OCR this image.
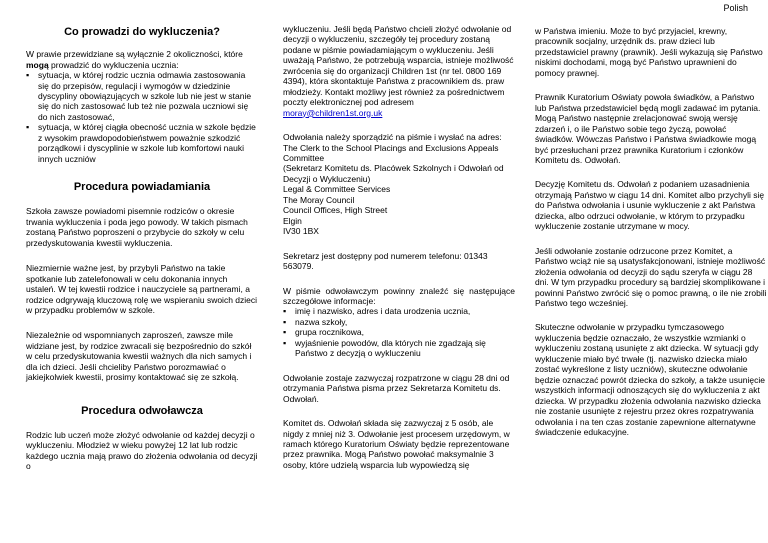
Polish
Co prowadzi do wykluczenia?

W prawie przewidziane są wyłącznie 2 okoliczności, które mogą prowadzić do wykluczenia ucznia:

▪ sytuacja, w której rodzic ucznia odmawia zastosowania się do przepisów, regulacji i wymogów w dziedzinie dyscypliny obowiązujących w szkole lub nie jest w stanie się do nich zastosować lub też nie pozwala uczniowi się do nich zastosować,
▪ sytuacja, w której ciągła obecność ucznia w szkole będzie z wysokim prawdopodobieństwem poważnie szkodzić porządkowi i dyscyplinie w szkole lub komfortowi nauki innych uczniów
Procedura powiadamiania

Szkoła zawsze powiadomi pisemnie rodziców o okresie trwania wykluczenia i poda jego powody. W takich pismach zostaną Państwo poproszeni o przybycie do szkoły w celu przedyskutowania kwestii wykluczenia.

Niezmiernie ważne jest, by przybyli Państwo na takie spotkanie lub zatelefonowali w celu dokonania innych ustaleń. W tej kwestii rodzice i nauczyciele są partnerami, a rodzice odgrywają kluczową rolę we wspieraniu swoich dzieci w przypadku problemów w szkole.

Niezależnie od wspomnianych zaproszeń, zawsze mile widziane jest, by rodzice zwracali się bezpośrednio do szkół w celu przedyskutowania kwestii ważnych dla nich samych i dla ich dzieci. Jeśli chcieliby Państwo porozmawiać o jakiejkolwiek kwestii, prosimy kontaktować się ze szkołą.

Procedura odwoławcza

Rodzic lub uczeń może złożyć odwołanie od każdej decyzji o wykluczeniu. Młodzież w wieku powyżej 12 lat lub rodzic każdego ucznia mają prawo do złożenia odwołania od decyzji o

wykluczeniu. Jeśli będą Państwo chcieli złożyć odwołanie od decyzji o wykluczeniu, szczegóły tej procedury zostaną podane w piśmie powiadamiającym o wykluczeniu. Jeśli uważają Państwo, że potrzebują wsparcia, istnieje możliwość zwrócenia się do organizacji Children 1st (nr tel. 0800 169 4394), która skontaktuje Państwa z pracownikiem ds. praw młodzieży. Kontakt możliwy jest również za pośrednictwem poczty elektronicznej pod adresem moray@children1st.org.uk

Odwołania należy sporządzić na piśmie i wysłać na adres:

The Clerk to the School Placings and Exclusions Appeals Committee

(Sekretarz Komitetu ds. Placówek Szkolnych i Odwołań od Decyzji o Wykluczeniu)

Legal & Committee Services

The Moray Council

Council Offices, High Street

Elgin

IV30 1BX

Sekretarz jest dostępny pod numerem telefonu: 01343 563079.

W piśmie odwoławczym powinny znaleźć się następujące szczegółowe informacje:

▪ imię i nazwisko, adres i data urodzenia ucznia,
▪ nazwa szkoły,
▪ grupa rocznikowa,
▪ wyjaśnienie powodów, dla których nie zgadzają się Państwo z decyzją o wykluczeniu

Odwołanie zostaje zazwyczaj rozpatrzone w ciągu 28 dni od otrzymania Państwa pisma przez Sekretarza Komitetu ds. Odwołań.

Komitet ds. Odwołań składa się zazwyczaj z 5 osób, ale nigdy z mniej niż 3. Odwołanie jest procesem urzędowym, w ramach którego Kuratorium Oświaty będzie reprezentowane przez prawnika. Mogą Państwo powołać maksymalnie 3 osoby, które udzielą wsparcia lub wypowiedzą się

w Państwa imieniu. Może to być przyjaciel, krewny, pracownik socjalny, urzędnik ds. praw dzieci lub przedstawiciel prawny (prawnik). Jeśli wykazują się Państwo niskimi dochodami, mogą być Państwo uprawnieni do pomocy prawnej.

Prawnik Kuratorium Oświaty powoła świadków, a Państwo lub Państwa przedstawiciel będą mogli zadawać im pytania. Mogą Państwo następnie zrelacjonować swoją wersję zdarzeń i, o ile Państwo sobie tego życzą, powołać świadków. Wówczas Państwo i Państwa świadkowie mogą być przesłuchani przez prawnika Kuratorium i członków Komitetu ds. Odwołań.

Decyzję Komitetu ds. Odwołań z podaniem uzasadnienia otrzymają Państwo w ciągu 14 dni. Komitet albo przychyli się do Państwa odwołania i usunie wykluczenie z akt Państwa dziecka, albo odrzuci odwołanie, w którym to przypadku wykluczenie zostanie utrzymane w mocy.

Jeśli odwołanie zostanie odrzucone przez Komitet, a Państwo wciąż nie są usatysfakcjonowani, istnieje możliwość złożenia odwołania od decyzji do sądu szeryfa w ciągu 28 dni. W tym przypadku procedury są bardziej skomplikowane i powinni Państwo zwrócić się o pomoc prawną, o ile nie zrobili Państwo tego wcześniej.

Skuteczne odwołanie w przypadku tymczasowego wykluczenia będzie oznaczało, że wszystkie wzmianki o wykluczeniu zostaną usunięte z akt dziecka. W sytuacji gdy wykluczenie miało być trwałe (tj. nazwisko dziecka miało zostać wykreślone z listy uczniów), skuteczne odwołanie będzie oznaczać powrót dziecka do szkoły, a także usunięcie wszystkich informacji odnoszących się do wykluczenia z akt dziecka. W przypadku złożenia odwołania nazwisko dziecka nie zostanie usunięte z rejestru przez okres rozpatrywania odwołania i na ten czas zostanie zapewnione alternatywne świadczenie edukacyjne.
